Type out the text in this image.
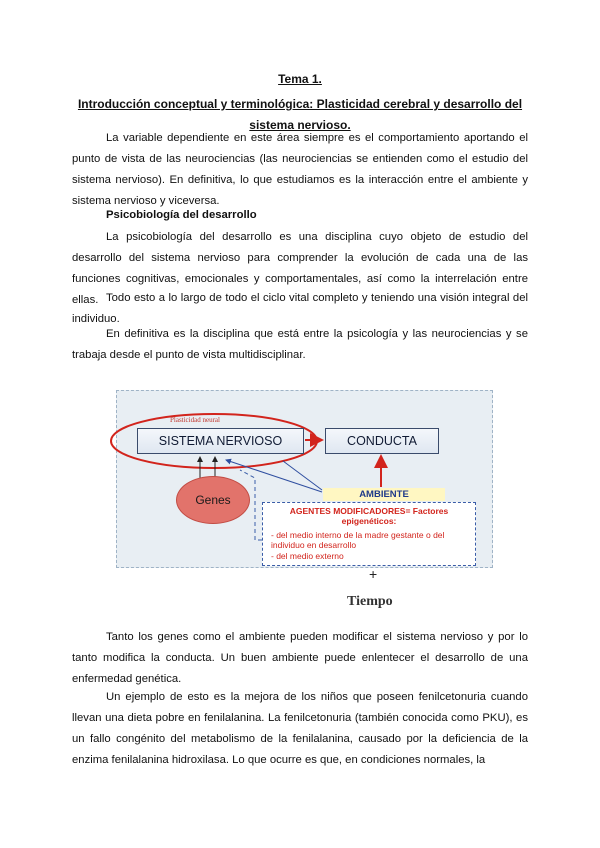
Tema 1.
Introducción conceptual y terminológica: Plasticidad cerebral y desarrollo del sistema nervioso.

La variable dependiente en este área siempre es el comportamiento aportando el punto de vista de las neurociencias (las neurociencias se entienden como el estudio del sistema nervioso). En definitiva, lo que estudiamos es la interacción entre el ambiente y sistema nervioso y viceversa.

Psicobiología del desarrollo

La psicobiología del desarrollo es una disciplina cuyo objeto de estudio del desarrollo del sistema nervioso para comprender la evolución de cada una de las funciones cognitivas, emocionales y comportamentales, así como la interrelación entre ellas. Todo esto a lo largo de todo el ciclo vital completo y teniendo una visión integral del individuo.

En definitiva es la disciplina que está entre la psicología y las neurociencias y se trabaja desde el punto de vista multidisciplinar.

Plasticidad neural
SISTEMA NERVIOSO	CONDUCTA
Genes	AMBIENTE
AGENTES MODIFICADORES= Factores epigenéticos:
- del medio interno de la madre gestante o del individuo en desarrollo
- del medio externo
+
Tiempo

Tanto los genes como el ambiente pueden modificar el sistema nervioso y por lo tanto modifica la conducta. Un buen ambiente puede enlentecer el desarrollo de una enfermedad genética.

Un ejemplo de esto es la mejora de los niños que poseen fenilcetonuria cuando llevan una dieta pobre en fenilalanina. La fenilcetonuria (también conocida como PKU), es un fallo congénito del metabolismo de la fenilalanina, causado por la deficiencia de la enzima fenilalanina hidroxilasa. Lo que ocurre es que, en condiciones normales, la
